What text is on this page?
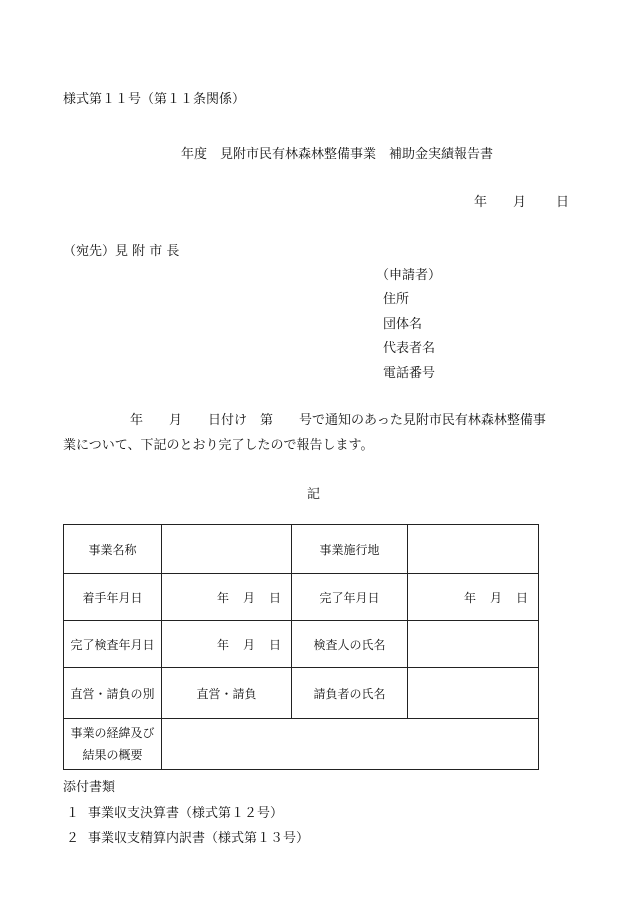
様式第１１号（第１１条関係）
年度　見附市民有林森林整備事業　補助金実績報告書
年 月 日
（宛先）見 附 市 長
（申請者）
住所
団体名
代表者名
電話番号
年　　月　　日付け　第　　号で通知のあった見附市民有林森林整備事
業について、下記のとおり完了したので報告します。
記
事業名称		事業施行地	
着手年月日	年 月 日	完了年月日	年 月 日
完了検査年月日	年 月 日	検査人の氏名	
直営・請負の別	直営・請負	請負者の氏名	

事業の経緯及び
結果の概要			

添付書類
１ 事業収支決算書（様式第１２号）
２ 事業収支精算内訳書（様式第１３号）
